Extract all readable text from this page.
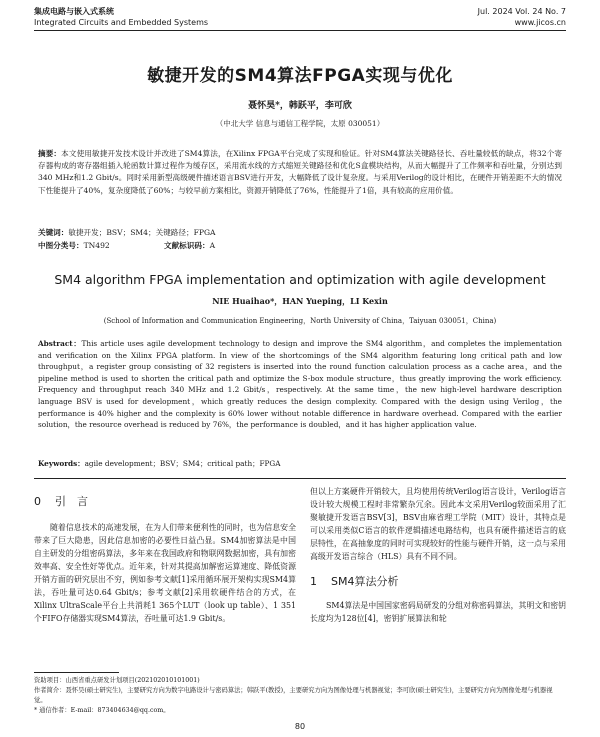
集成电路与嵌入式系统
Integrated Circuits and Embedded Systems
Jul. 2024 Vol. 24 No. 7
www.jicos.cn
敏捷开发的SM4算法FPGA实现与优化
聂怀昊*，韩跃平，李可欣
（中北大学 信息与通信工程学院，太原 030051）
摘要：本文使用敏捷开发技术设计并改进了SM4算法，在Xilinx FPGA平台完成了实现和验证。针对SM4算法关键路径长、吞吐量较低的缺点，将32个寄存器构成的寄存器组插入轮函数计算过程作为缓存区，采用流水线的方式缩短关键路径和优化S盒模块结构，从而大幅提升了工作频率和吞吐量，分别达到340 MHz和1.2 Gbit/s。同时采用新型高级硬件描述语言BSV进行开发，大幅降低了设计复杂度。与采用Verilog的设计相比，在硬件开销差距不大的情况下性能提升了40%，复杂度降低了60%；与较早前方案相比，资源开销降低了76%，性能提升了1倍，具有较高的应用价值。
关键词：敏捷开发；BSV；SM4；关键路径；FPGA
中图分类号：TN492	文献标识码：A
SM4 algorithm FPGA implementation and optimization with agile development
NIE Huaihao*，HAN Yueping，LI Kexin
(School of Information and Communication Engineering，North University of China，Taiyuan 030051，China)
Abstract：This article uses agile development technology to design and improve the SM4 algorithm，and completes the implementation and verification on the Xilinx FPGA platform. In view of the shortcomings of the SM4 algorithm featuring long critical path and low throughput，a register group consisting of 32 registers is inserted into the round function calculation process as a cache area，and the pipeline method is used to shorten the critical path and optimize the S-box module structure，thus greatly improving the work efficiency. Frequency and throughput reach 340 MHz and 1.2 Gbit/s，respectively. At the same time，the new high-level hardware description language BSV is used for development，which greatly reduces the design complexity. Compared with the design using Verilog，the performance is 40% higher and the complexity is 60% lower without notable difference in hardware overhead. Compared with the earlier solution，the resource overhead is reduced by 76%，the performance is doubled，and it has higher application value.
Keywords：agile development；BSV；SM4；critical path；FPGA
0 引　言

随着信息技术的高速发展，在为人们带来便利性的同时，也为信息安全带来了巨大隐患，因此信息加密的必要性日益凸显。SM4加密算法是中国自主研发的分组密码算法，多年来在我国政府和物联网数据加密，具有加密效率高、安全性好等优点。近年来，针对其提高加解密运算速度、降低资源开销方面的研究层出不穷，例如参考文献[1]采用循环展开架构实现SM4算法，吞吐量可达0.64 Gbit/s；参考文献[2]采用软硬件结合的方式，在Xilinx UltraScale平台上共消耗1 365个LUT（look up table）、1 351个FIFO存储器实现SM4算法，吞吐量可达1.9 Gbit/s。

但以上方案硬件开销较大，且均使用传统Verilog语言设计，Verilog语言设计较大规模工程时非常繁杂冗余。因此本文采用Verilog较面采用了汇聚敏捷开发语言BSV[3]，BSV由麻省理工学院（MIT）设计，其特点是可以采用类似C语言的软件逻辑描述电路结构，也具有硬件描述语言的底层特性，在高抽象度的同时可实现较好的性能与硬件开销，这一点与采用高级开发语言综合（HLS）具有不同不同。

1 SM4算法分析

SM4算法是中国国家密码局研发的分组对称密码算法，其明文和密钥长度均为128位[4]，密钥扩展算法和轮

资助项目：山西省重点研发计划项目(202102010101001)
作者简介：聂怀昊(硕士研究生)，主要研究方向为数字电路设计与密码算法；韩跃平(教授)，主要研究方向为图像处理与机器视觉；李可欣(硕士研究生)，主要研究方向为图像处理与机器视觉。
* 通信作者：E-mail：873404634@qq.com。
80
